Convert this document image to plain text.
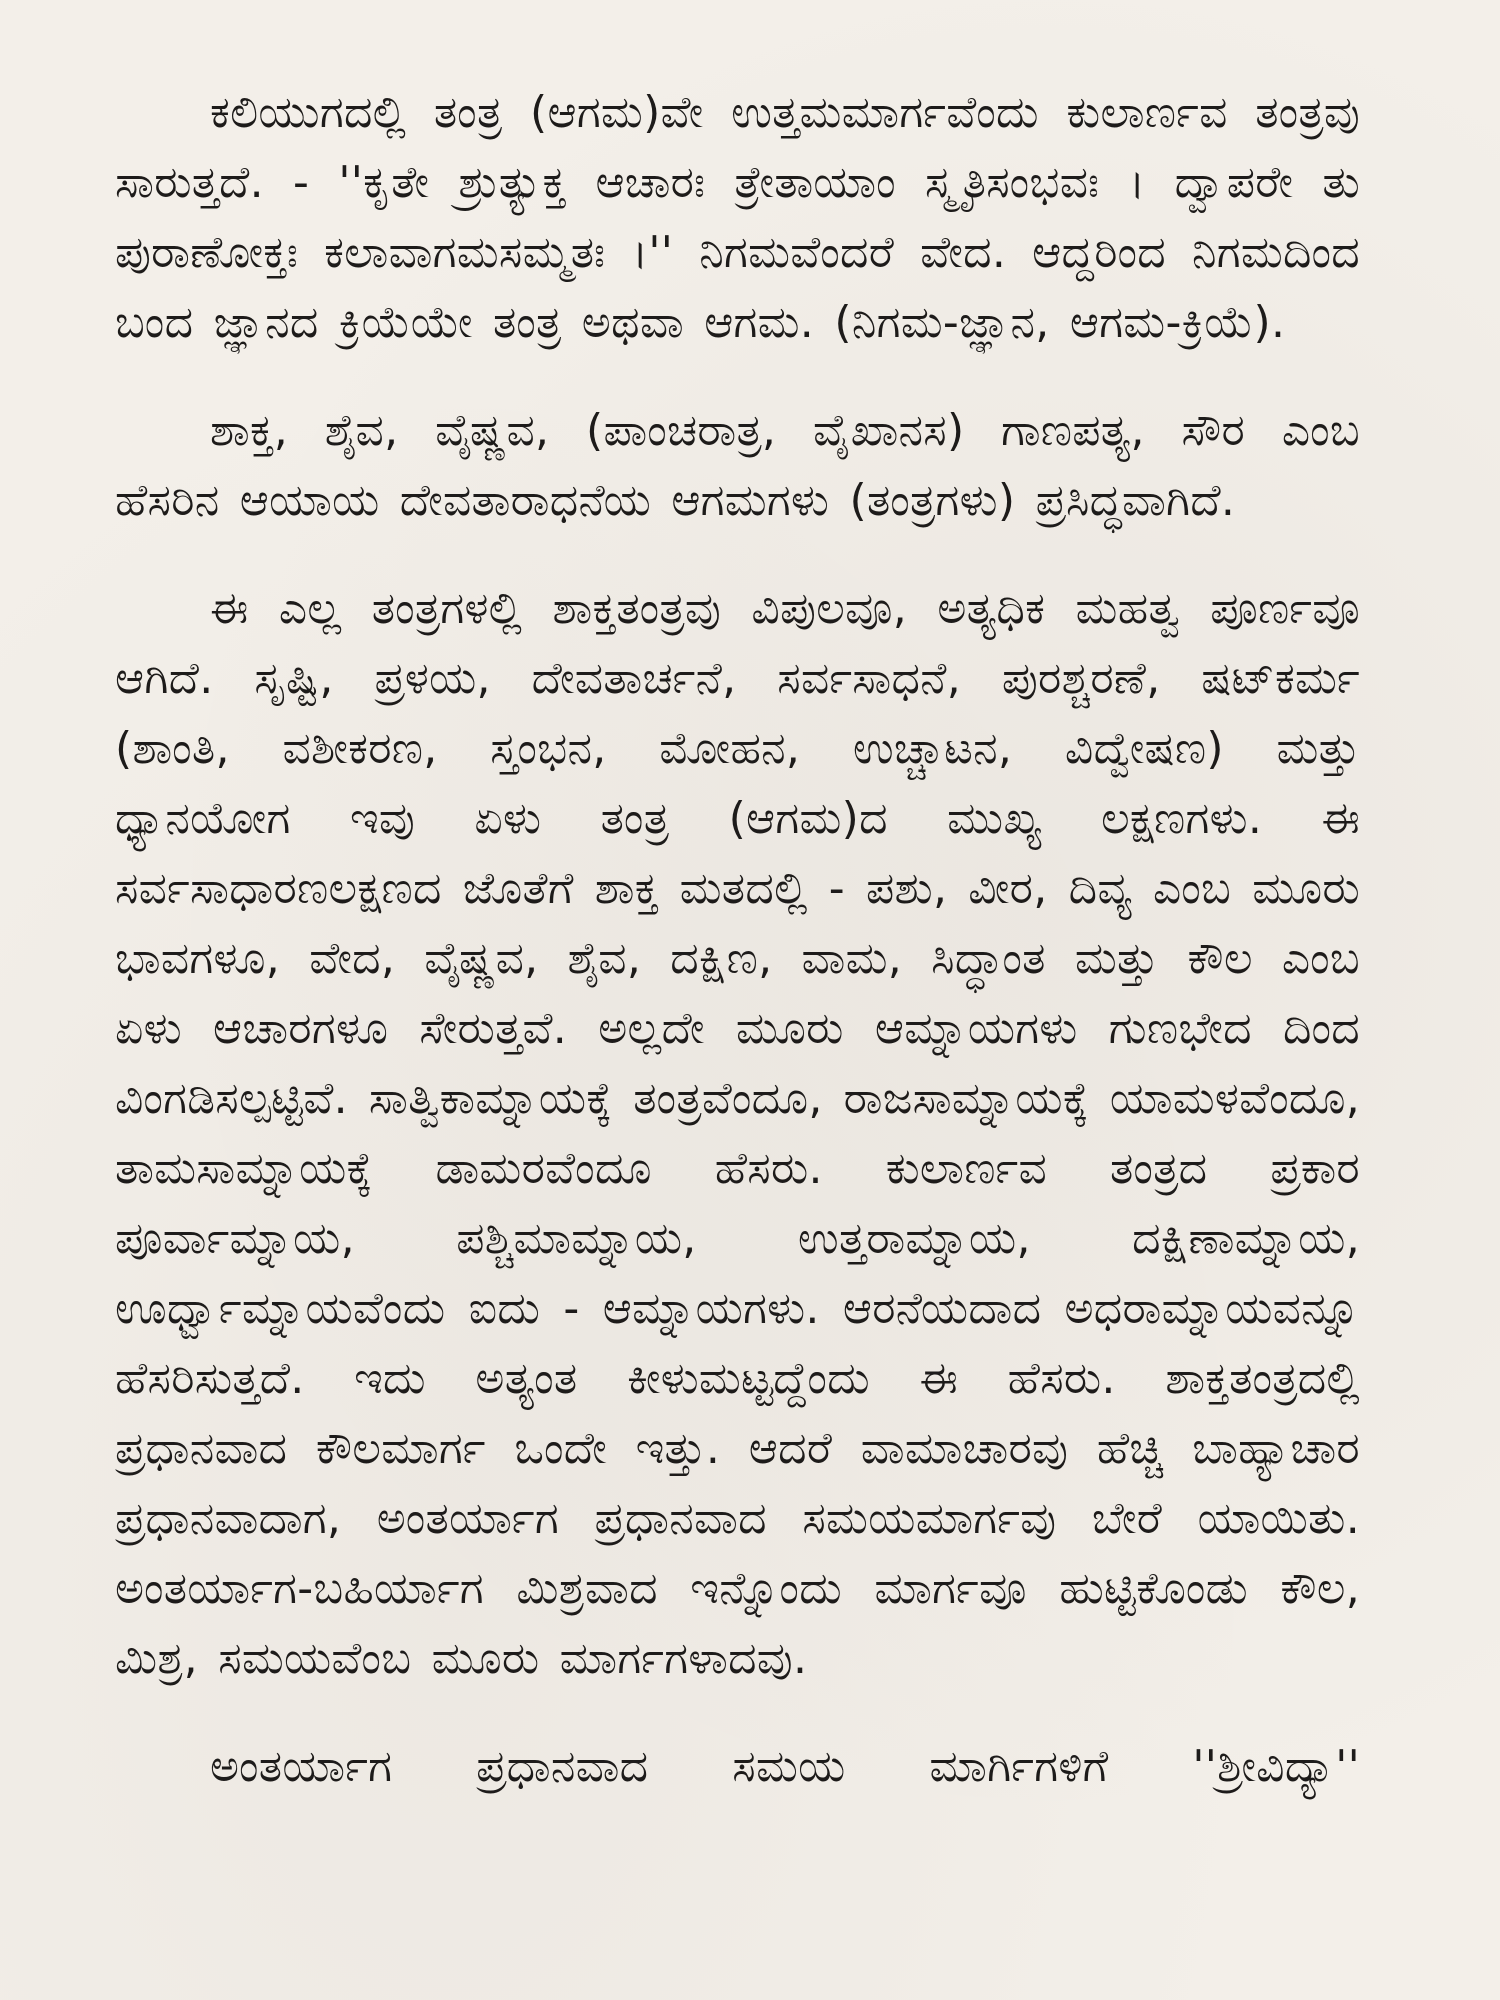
ಕಲಿಯುಗದಲ್ಲಿ ತಂತ್ರ (ಆಗಮ)ವೇ ಉತ್ತಮಮಾರ್ಗವೆಂದು ಕುಲಾರ್ಣವ ತಂತ್ರವು ಸಾರುತ್ತದೆ. - ''ಕೃತೇ ಶ್ರುತ್ಯುಕ್ತ ಆಚಾರಃ ತ್ರೇತಾಯಾಂ ಸ್ಮೃತಿಸಂಭವಃ । ದ್ವಾಪರೇ ತು ಪುರಾಣೋಕ್ತಃ ಕಲಾವಾಗಮಸಮ್ಮತಃ ।'' ನಿಗಮವೆಂದರೆ ವೇದ. ಆದ್ದರಿಂದ ನಿಗಮದಿಂದ ಬಂದ ಜ್ಞಾನದ ಕ್ರಿಯೆಯೇ ತಂತ್ರ ಅಥವಾ ಆಗಮ. (ನಿಗಮ-ಜ್ಞಾನ, ಆಗಮ-ಕ್ರಿಯೆ).

ಶಾಕ್ತ, ಶೈವ, ವೈಷ್ಣವ, (ಪಾಂಚರಾತ್ರ, ವೈಖಾನಸ) ಗಾಣಪತ್ಯ, ಸೌರ ಎಂಬ ಹೆಸರಿನ ಆಯಾಯ ದೇವತಾರಾಧನೆಯ ಆಗಮಗಳು (ತಂತ್ರಗಳು) ಪ್ರಸಿದ್ಧವಾಗಿದೆ.

ಈ ಎಲ್ಲ ತಂತ್ರಗಳಲ್ಲಿ ಶಾಕ್ತತಂತ್ರವು ವಿಪುಲವೂ, ಅತ್ಯಧಿಕ ಮಹತ್ವ ಪೂರ್ಣವೂ ಆಗಿದೆ. ಸೃಷ್ಟಿ, ಪ್ರಳಯ, ದೇವತಾರ್ಚನೆ, ಸರ್ವಸಾಧನೆ, ಪುರಶ್ಚರಣೆ, ಷಟ್‌ಕರ್ಮ (ಶಾಂತಿ, ವಶೀಕರಣ, ಸ್ತಂಭನ, ಮೋಹನ, ಉಚ್ಚಾಟನ, ವಿದ್ವೇಷಣ) ಮತ್ತು ಧ್ಯಾನಯೋಗ ಇವು ಏಳು ತಂತ್ರ (ಆಗಮ)ದ ಮುಖ್ಯ ಲಕ್ಷಣಗಳು. ಈ ಸರ್ವಸಾಧಾರಣಲಕ್ಷಣದ ಜೊತೆಗೆ ಶಾಕ್ತ ಮತದಲ್ಲಿ - ಪಶು, ವೀರ, ದಿವ್ಯ ಎಂಬ ಮೂರು ಭಾವಗಳೂ, ವೇದ, ವೈಷ್ಣವ, ಶೈವ, ದಕ್ಷಿಣ, ವಾಮ, ಸಿದ್ಧಾಂತ ಮತ್ತು ಕೌಲ ಎಂಬ ಏಳು ಆಚಾರಗಳೂ ಸೇರುತ್ತವೆ. ಅಲ್ಲದೇ ಮೂರು ಆಮ್ನಾಯಗಳು ಗುಣಭೇದ ದಿಂದ ವಿಂಗಡಿಸಲ್ಪಟ್ಟಿವೆ. ಸಾತ್ವಿಕಾಮ್ನಾಯಕ್ಕೆ ತಂತ್ರವೆಂದೂ, ರಾಜಸಾಮ್ನಾಯಕ್ಕೆ ಯಾಮಳವೆಂದೂ, ತಾಮಸಾಮ್ನಾಯಕ್ಕೆ ಡಾಮರವೆಂದೂ ಹೆಸರು. ಕುಲಾರ್ಣವ ತಂತ್ರದ ಪ್ರಕಾರ ಪೂರ್ವಾಮ್ನಾಯ, ಪಶ್ಚಿಮಾಮ್ನಾಯ, ಉತ್ತರಾಮ್ನಾಯ, ದಕ್ಷಿಣಾಮ್ನಾಯ, ಊರ್ಧ್ವಾಮ್ನಾಯವೆಂದು ಐದು - ಆಮ್ನಾಯಗಳು. ಆರನೆಯದಾದ ಅಧರಾಮ್ನಾಯವನ್ನೂ ಹೆಸರಿಸುತ್ತದೆ. ಇದು ಅತ್ಯಂತ ಕೀಳುಮಟ್ಟದ್ದೆಂದು ಈ ಹೆಸರು. ಶಾಕ್ತತಂತ್ರದಲ್ಲಿ ಪ್ರಧಾನವಾದ ಕೌಲಮಾರ್ಗ ಒಂದೇ ಇತ್ತು. ಆದರೆ ವಾಮಾಚಾರವು ಹೆಚ್ಚಿ ಬಾಹ್ಯಾಚಾರ ಪ್ರಧಾನವಾದಾಗ, ಅಂತರ್ಯಾಗ ಪ್ರಧಾನವಾದ ಸಮಯಮಾರ್ಗವು ಬೇರೆ ಯಾಯಿತು. ಅಂತರ್ಯಾಗ-ಬಹಿರ್ಯಾಗ ಮಿಶ್ರವಾದ ಇನ್ನೊಂದು ಮಾರ್ಗವೂ ಹುಟ್ಟಿಕೊಂಡು ಕೌಲ, ಮಿಶ್ರ, ಸಮಯವೆಂಬ ಮೂರು ಮಾರ್ಗಗಳಾದವು.

ಅಂತರ್ಯಾಗ ಪ್ರಧಾನವಾದ ಸಮಯ ಮಾರ್ಗಿಗಳಿಗೆ ''ಶ್ರೀವಿದ್ಯಾ''
